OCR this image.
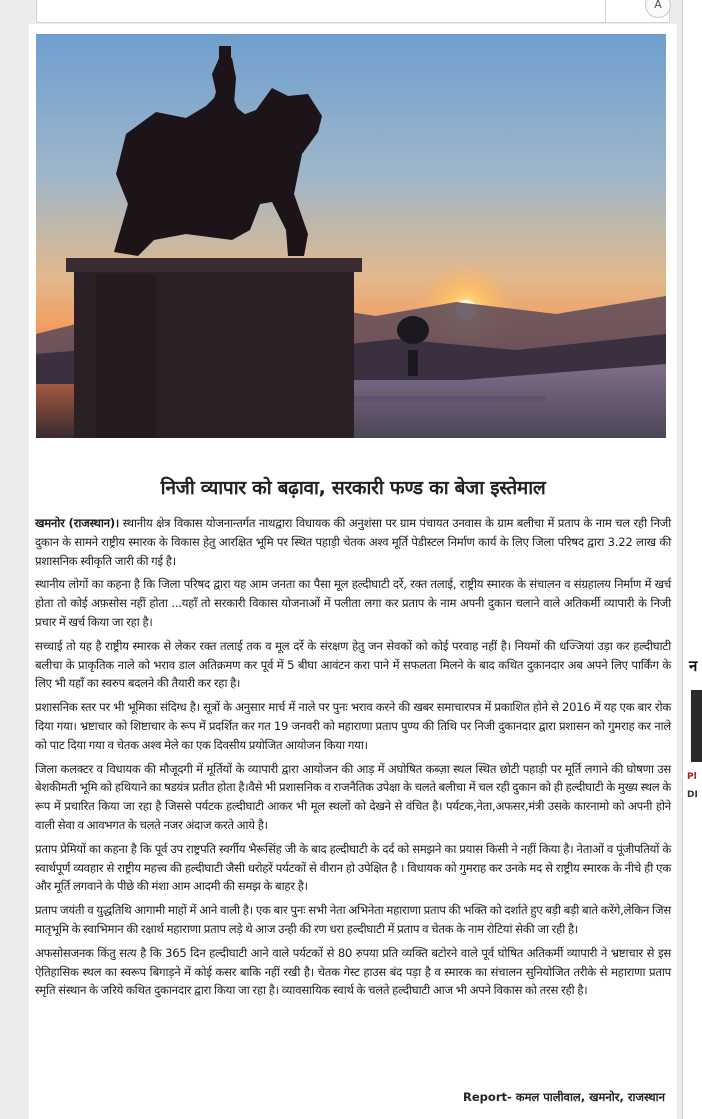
A
न
Pl
DI
निजी व्यापार को बढ़ावा, सरकारी फण्ड का बेजा इस्तेमाल

खमनोर (राजस्थान)। स्थानीय क्षेत्र विकास योजनान्तर्गत नाथद्वारा विधायक की अनुशंसा पर ग्राम पंचायत उनवास के ग्राम बलीचा में प्रताप के नाम चल रही निजी दुकान के सामने राष्ट्रीय स्मारक के विकास हेतु आरक्षित भूमि पर स्थित पहाड़ी चेतक अश्व मूर्ति पेडीस्टल निर्माण कार्य के लिए जिला परिषद द्वारा 3.22 लाख की प्रशासनिक स्वीकृति जारी की गई है।

स्थानीय लोगों का कहना है कि जिला परिषद द्वारा यह आम जनता का पैसा मूल हल्दीघाटी दर्रे, रक्त तलाई, राष्ट्रीय स्मारक के संचालन व संग्रहालय निर्माण में खर्च होता तो कोई अफ़सोस नहीं होता ...यहाँ तो सरकारी विकास योजनाओं में पलीता लगा कर प्रताप के नाम अपनी दुकान चलाने वाले अतिकर्मी व्यापारी के निजी प्रचार में खर्च किया जा रहा है।

सच्चाई तो यह है राष्ट्रीय स्मारक से लेकर रक्त तलाई तक व मूल दर्रे के संरक्षण हेतु जन सेवकों को कोई परवाह नहीं है। नियमों की धज्जियां उड़ा कर हल्दीघाटी बलीचा के प्राकृतिक नाले को भराव डाल अतिक्रमण कर पूर्व में 5 बीघा आवंटन करा पाने में सफलता मिलने के बाद कथित दुकानदार अब अपने लिए पार्किंग के लिए भी यहाँ का स्वरुप बदलने की तैयारी कर रहा है।

प्रशासनिक स्तर पर भी भूमिका संदिग्ध है। सूत्रों के अनुसार मार्च में नाले पर पुनः भराव करने की खबर समाचारपत्र में प्रकाशित होने से 2016 में यह एक बार रोक दिया गया। भ्रष्टाचार को शिष्टाचार के रूप में प्रदर्शित कर गत 19 जनवरी को महाराणा प्रताप पुण्य की तिथि पर निजी दुकानदार द्वारा प्रशासन को गुमराह कर नाले को पाट दिया गया व चेतक अश्व मेले का एक दिवसीय प्रयोजित आयोजन किया गया।

जिला कलक्टर व विधायक की मौजूदगी में मूर्तियों के व्यापारी द्वारा आयोजन की आड़ में अघोषित कब्ज़ा स्थल स्थित छोटी पहाड़ी पर मूर्ति लगाने की घोषणा उस बेशकीमती भूमि को हथियाने का षडयंत्र प्रतीत होता है।वैसे भी प्रशासनिक व राजनैतिक उपेक्षा के चलते बलीचा में चल रही दुकान को ही हल्दीघाटी के मुख्य स्थल के रूप में प्रचारित किया जा रहा है जिससे पर्यटक हल्दीघाटी आकर भी मूल स्थलों को देखने से वंचित है। पर्यटक,नेता,अफसर,मंत्री उसके कारनामो को अपनी होने वाली सेवा व आवभगत के चलते नजर अंदाज करते आये है।

प्रताप प्रेमियों का कहना है कि पूर्व उप राष्ट्रपति स्वर्गीय भैरूसिंह जी के बाद हल्दीघाटी के दर्द को समझने का प्रयास किसी ने नहीं किया है। नेताओं व पूंजीपतियों के स्वार्थपूर्ण व्यवहार से राष्ट्रीय महत्त्व की हल्दीघाटी जैसी धरोहरें पर्यटकों से वीरान हो उपेक्षित है । विधायक को गुमराह कर उनके मद से राष्ट्रीय स्मारक के नीचे ही एक और मूर्ति लगवाने के पीछे की मंशा आम आदमी की समझ के बाहर है।

प्रताप जयंती व युद्धतिथि आगामी माहों में आने वाली है। एक बार पुनः सभी नेता अभिनेता महाराणा प्रताप की भक्ति को दर्शाते हुए बड़ी बड़ी बाते करेंगे,लेकिन जिस मातृभूमि के स्वाभिमान की रक्षार्थ महाराणा प्रताप लड़े थे आज उन्ही की रण धरा हल्दीघाटी में प्रताप व चेतक के नाम रोटियां सेकी जा रही है।

अफसोसजनक किंतु सत्य है कि 365 दिन हल्दीघाटी आने वाले पर्यटकों से 80 रुपया प्रति व्यक्ति बटोरने वाले पूर्व घोषित अतिकर्मी व्यापारी ने भ्रष्टाचार से इस ऐतिहासिक स्थल का स्वरूप बिगाड़ने में कोई कसर बाकि नहीं रखी है। चेतक गेस्ट हाउस बंद पड़ा है व स्मारक का संचालन सुनियोजित तरीके से महाराणा प्रताप स्मृति संस्थान के जरिये कथित दुकानदार द्वारा किया जा रहा है। व्यावसायिक स्वार्थ के चलते हल्दीघाटी आज भी अपने विकास को तरस रही है।

Report- कमल पालीवाल, खमनोर, राजस्थान
